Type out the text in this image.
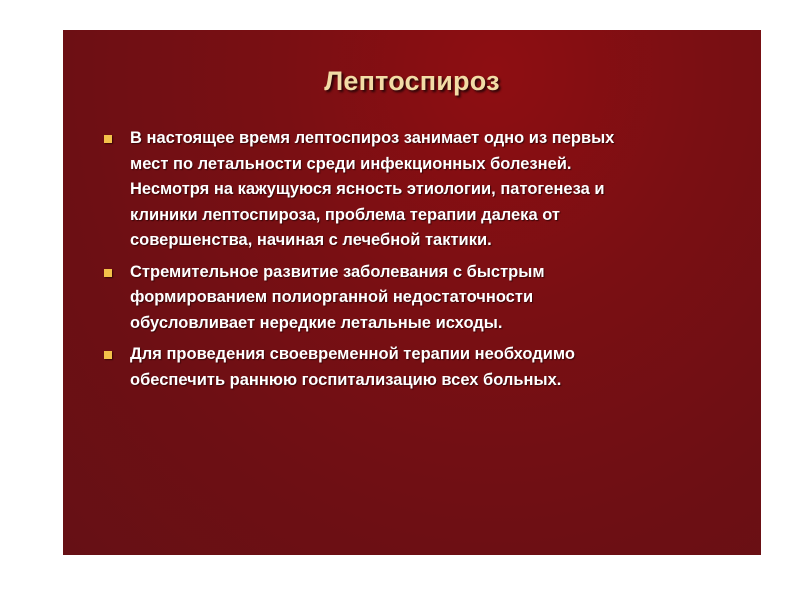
Лептоспироз
В настоящее время лептоспироз занимает одно из первых
мест по летальности среди инфекционных болезней.
Несмотря на кажущуюся ясность этиологии, патогенеза и
клиники лептоспироза, проблема терапии далека от
совершенства, начиная с лечебной тактики.
Стремительное развитие заболевания с быстрым
формированием полиорганной недостаточности
обусловливает нередкие летальные исходы.
Для проведения своевременной терапии необходимо
обеспечить раннюю госпитализацию всех больных.
